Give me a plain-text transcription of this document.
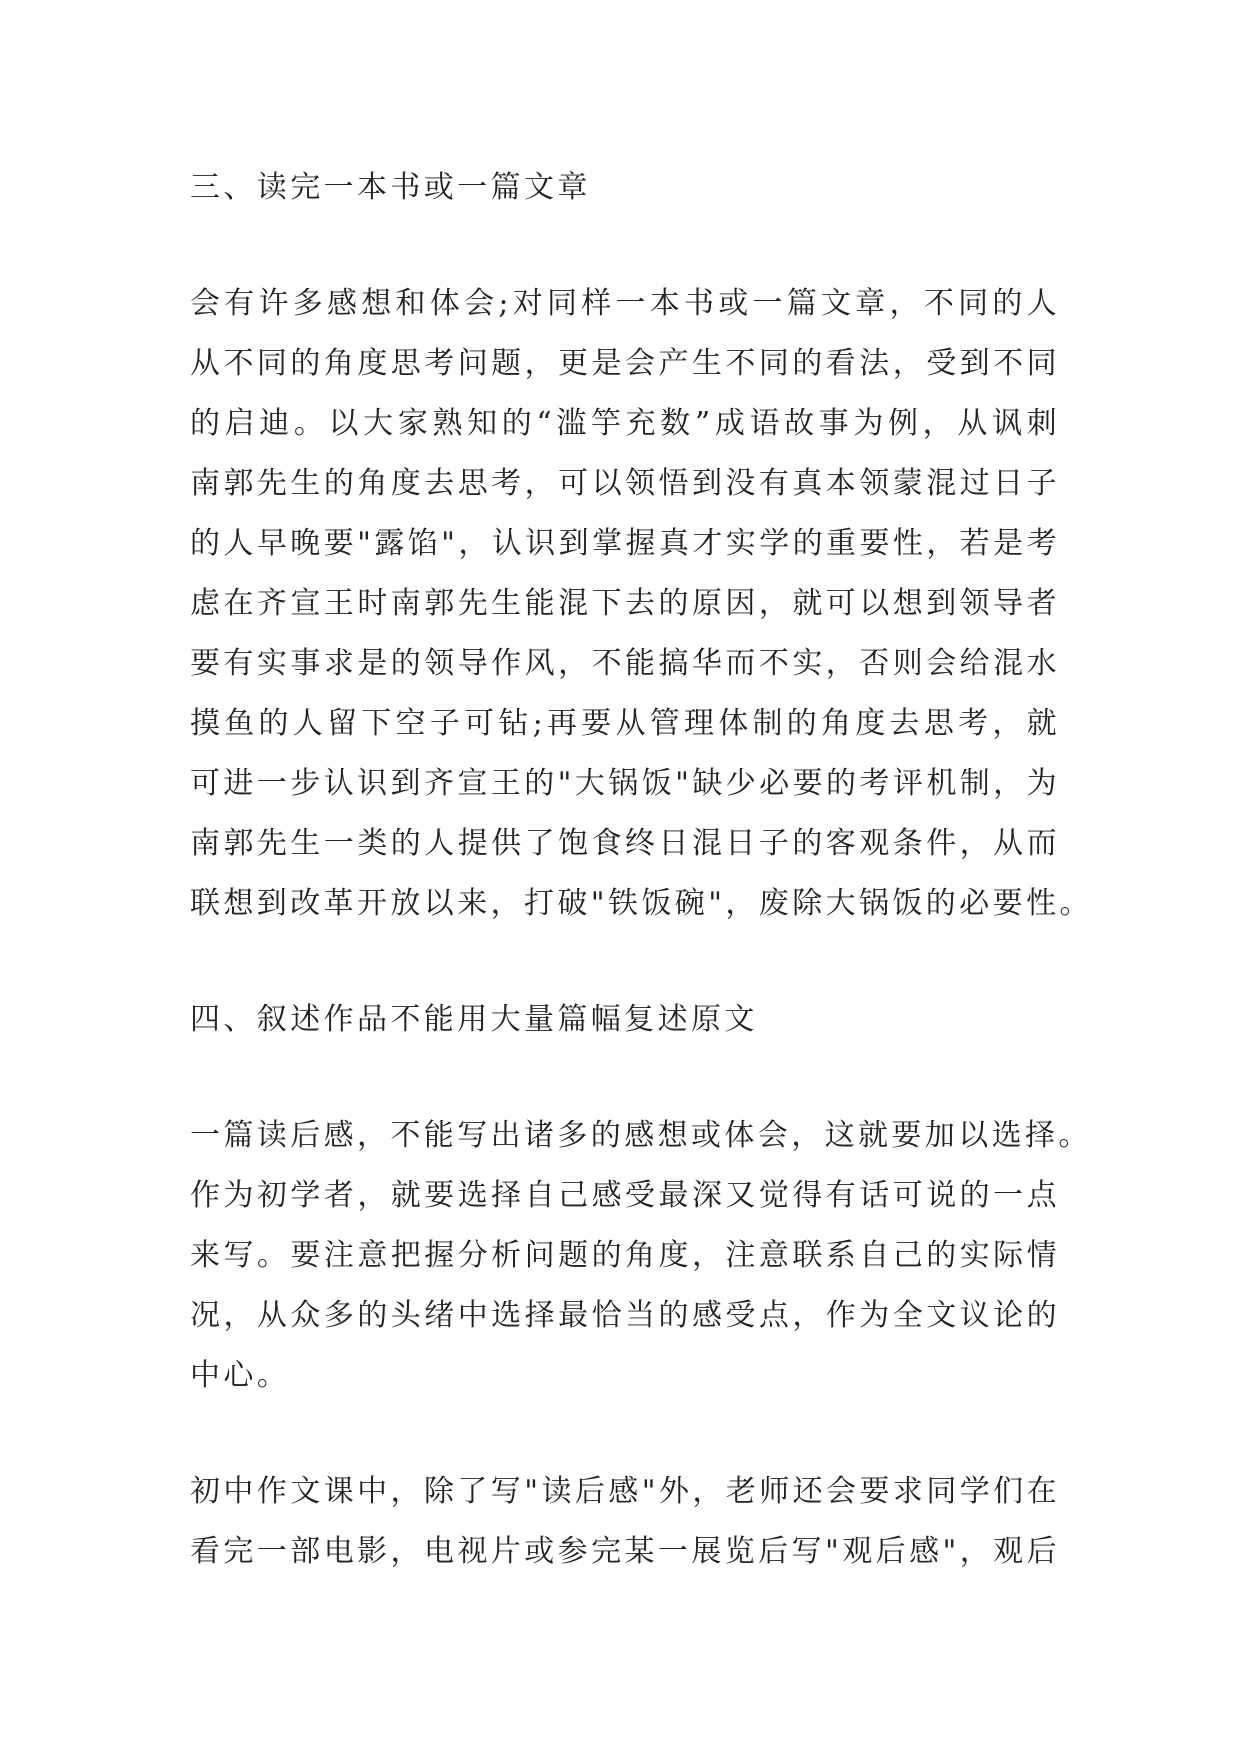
三、读完一本书或一篇文章
会有许多感想和体会;对同样一本书或一篇文章，不同的人
从不同的角度思考问题，更是会产生不同的看法，受到不同
的启迪。以大家熟知的“滥竽充数”成语故事为例，从讽刺
南郭先生的角度去思考，可以领悟到没有真本领蒙混过日子
的人早晚要"露馅"，认识到掌握真才实学的重要性，若是考
虑在齐宣王时南郭先生能混下去的原因，就可以想到领导者
要有实事求是的领导作风，不能搞华而不实，否则会给混水
摸鱼的人留下空子可钻;再要从管理体制的角度去思考，就
可进一步认识到齐宣王的"大锅饭"缺少必要的考评机制，为
南郭先生一类的人提供了饱食终日混日子的客观条件，从而
联想到改革开放以来，打破"铁饭碗"，废除大锅饭的必要性。
四、叙述作品不能用大量篇幅复述原文
一篇读后感，不能写出诸多的感想或体会，这就要加以选择。
作为初学者，就要选择自己感受最深又觉得有话可说的一点
来写。要注意把握分析问题的角度，注意联系自己的实际情
况，从众多的头绪中选择最恰当的感受点，作为全文议论的
中心。
初中作文课中，除了写"读后感"外，老师还会要求同学们在
看完一部电影，电视片或参完某一展览后写"观后感"，观后
